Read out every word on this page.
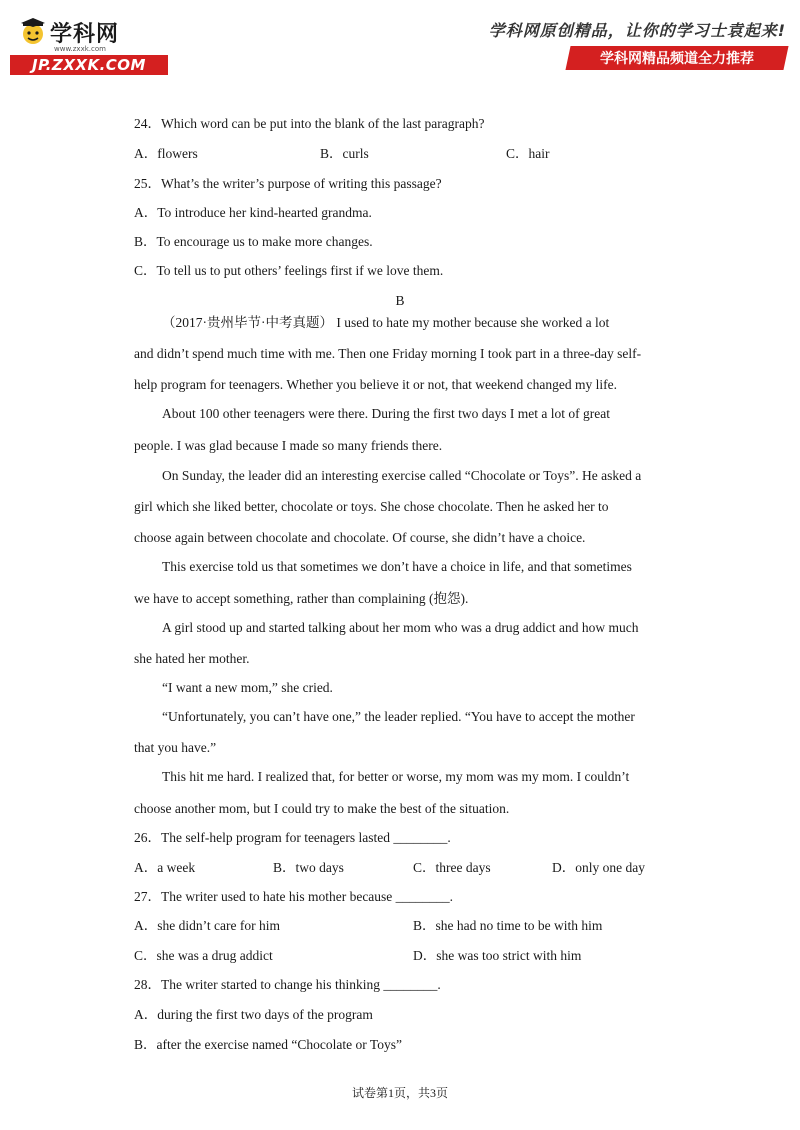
学科网
www.zxxk.com
JP.ZXXK.COM
学科网原创精品，让你的学习士袁起来!
学科网精品频道全力推荐
24．Which word can be put into the blank of the last paragraph?
A．flowers	B．curls	C．hair
25．What’s the writer’s purpose of writing this passage?
A．To introduce her kind-hearted grandma.
B．To encourage us to make more changes.
C．To tell us to put others’ feelings first if we love them.
B
（2017·贵州毕节·中考真题） I used to hate my mother because she worked a lot
and didn’t spend much time with me. Then one Friday morning I took part in a three-day self-
help program for teenagers. Whether you believe it or not, that weekend changed my life.
About 100 other teenagers were there. During the first two days I met a lot of great
people. I was glad because I made so many friends there.
On Sunday, the leader did an interesting exercise called “Chocolate or Toys”. He asked a
girl which she liked better, chocolate or toys. She chose chocolate. Then he asked her to
choose again between chocolate and chocolate. Of course, she didn’t have a choice.
This exercise told us that sometimes we don’t have a choice in life, and that sometimes
we have to accept something, rather than complaining (抱怨).
A girl stood up and started talking about her mom who was a drug addict and how much
she hated her mother.
“I want a new mom,” she cried.
“Unfortunately, you can’t have one,” the leader replied. “You have to accept the mother
that you have.”
This hit me hard. I realized that, for better or worse, my mom was my mom. I couldn’t
choose another mom, but I could try to make the best of the situation.
26．The self-help program for teenagers lasted ________.
A．a week	B．two days	C．three days	D．only one day
27．The writer used to hate his mother because ________.
A．she didn’t care for him	B．she had no time to be with him
C．she was a drug addict	D．she was too strict with him
28．The writer started to change his thinking ________.
A．during the first two days of the program
B．after the exercise named “Chocolate or Toys”
试卷第1页，共3页
